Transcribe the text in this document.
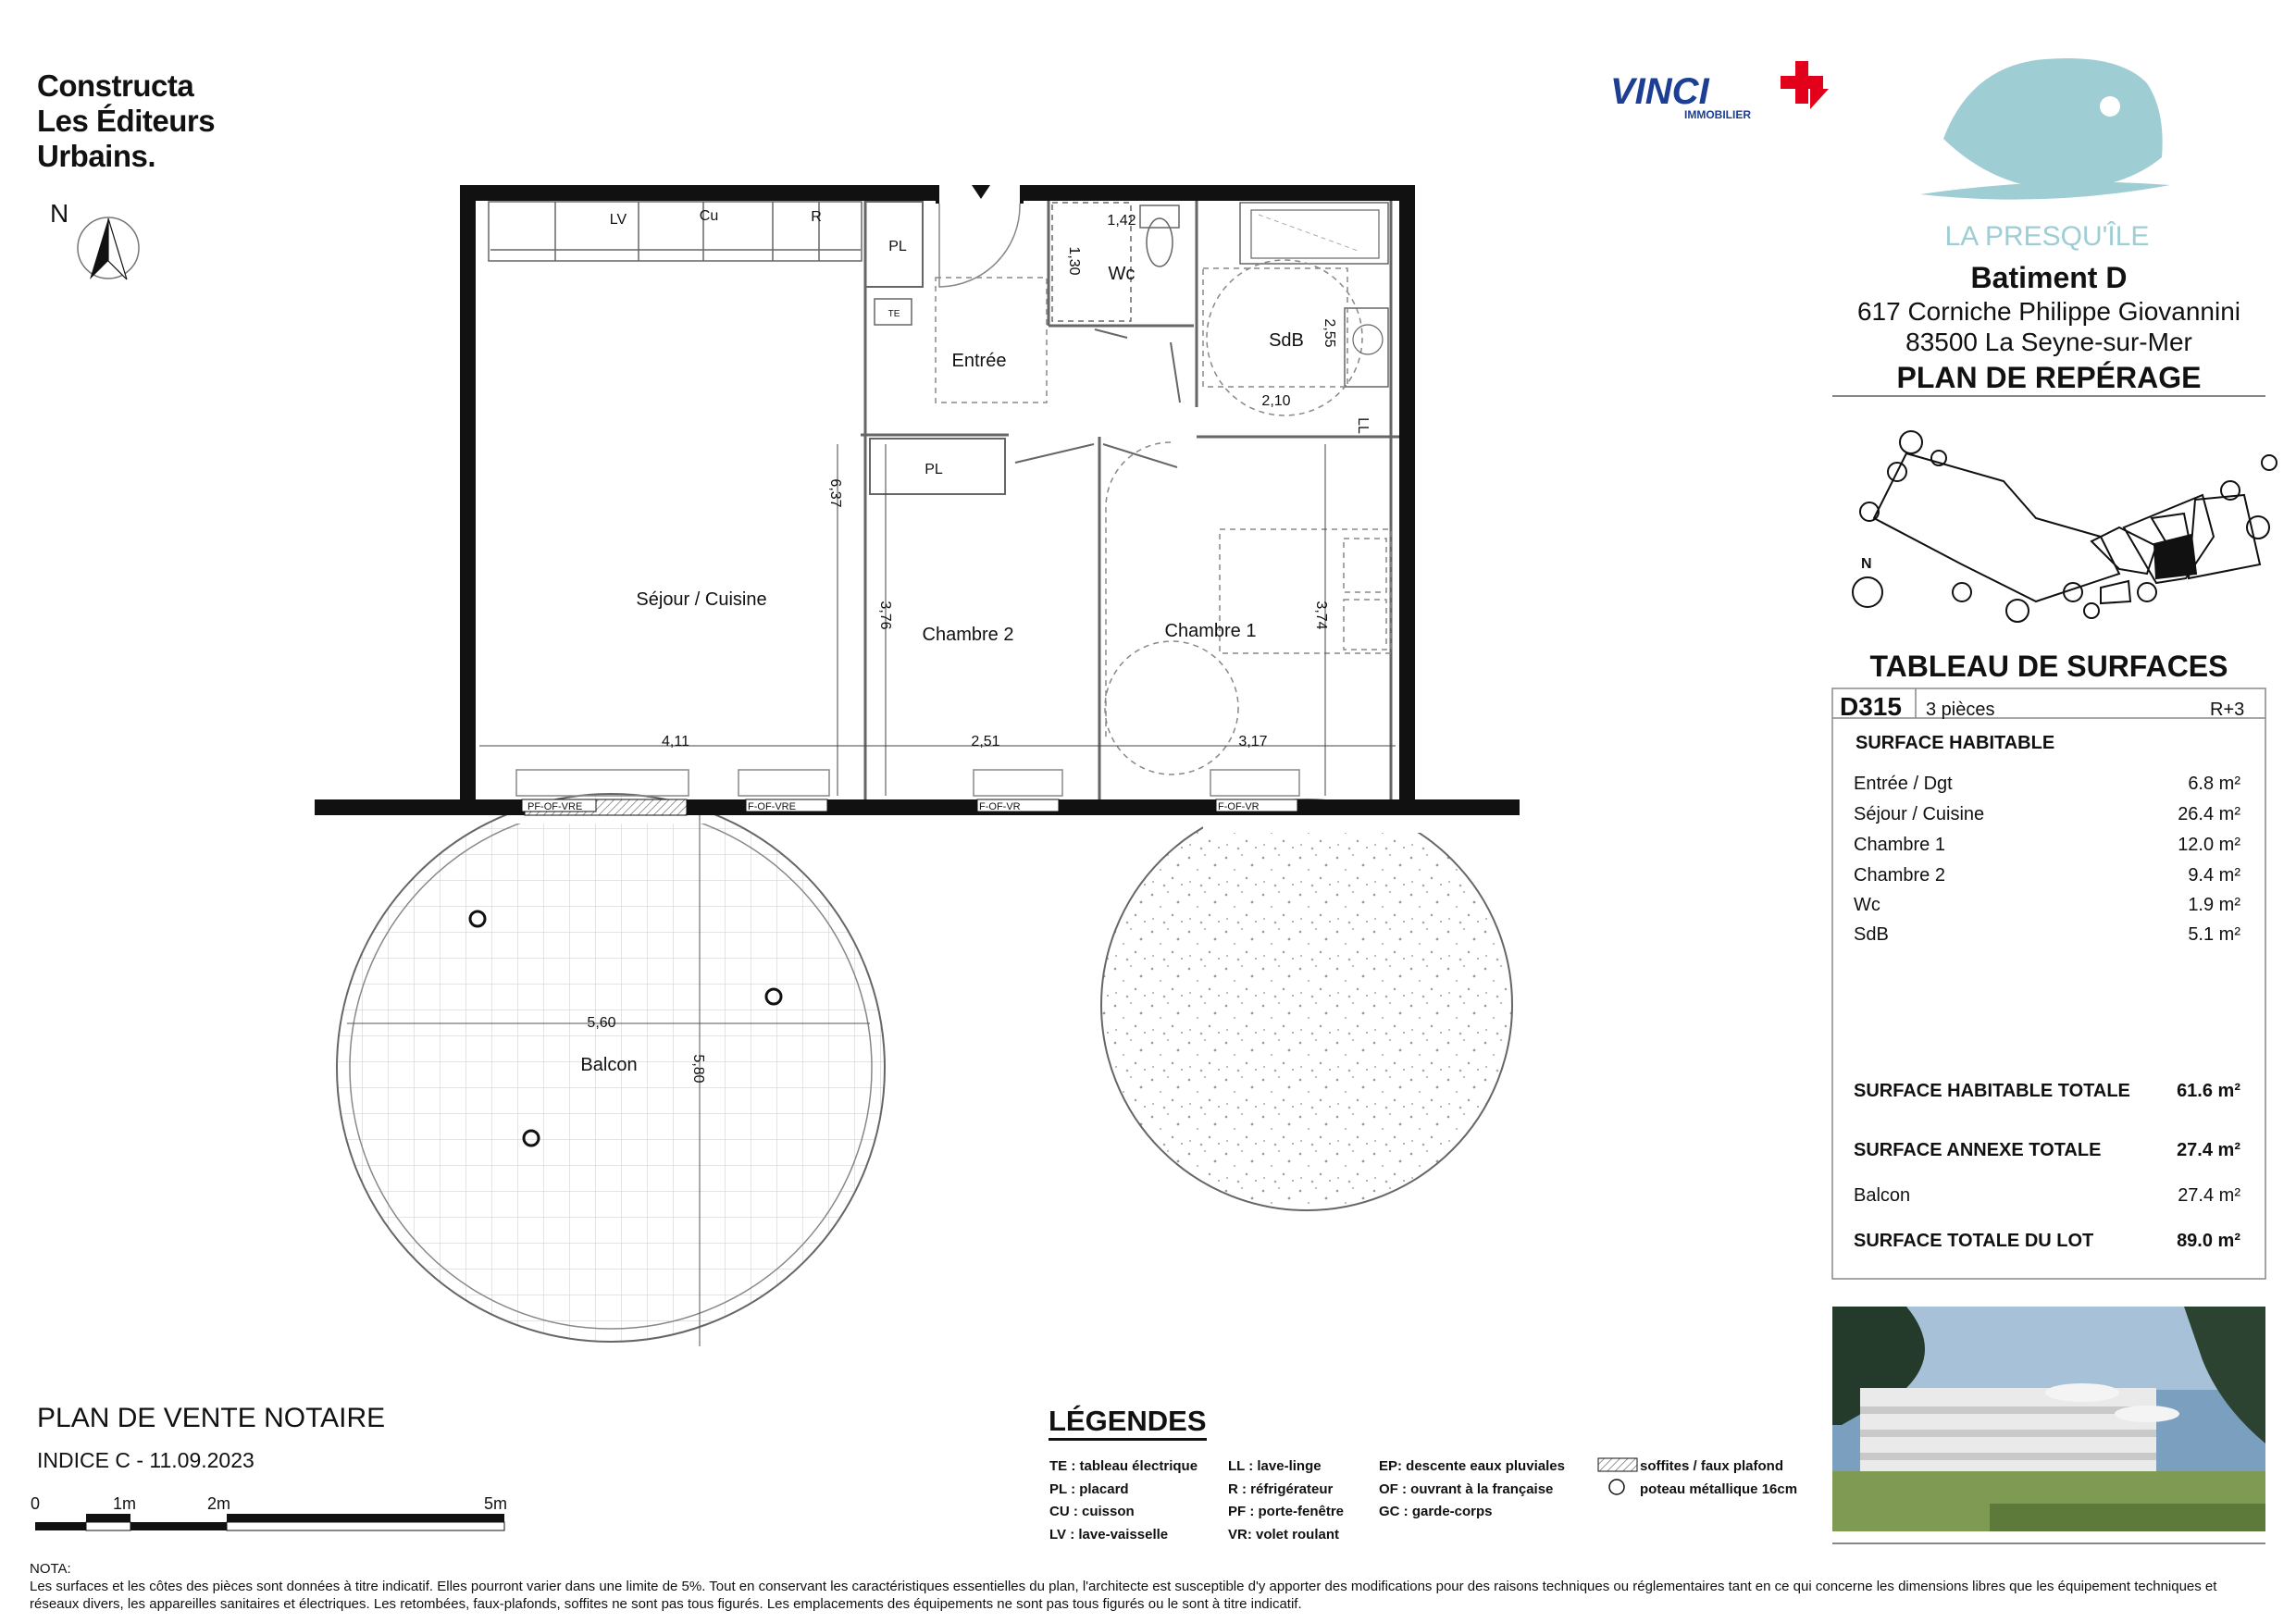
Séjour / Cuisine
Chambre 2	Chambre 1
Entrée
Wc
SdB
Balcon
LV	Cu	R
PL
PL
TE
LL
1,42
1,30
2,55
2,10
6,37
3,76	3,74
4,11	2,51	3,17
5,60
5,80
PF-OF-VRE	F-OF-VRE	F-OF-VR	F-OF-VR
N
VINCI
IMMOBILIER
LA PRESQU'ÎLE
N
0	1m	2m	5m
Constructa
Les Éditeurs
Urbains.
Batiment D
617 Corniche Philippe Giovannini
83500 La Seyne-sur-Mer
PLAN DE REPÉRAGE
TABLEAU DE SURFACES
D315 3 pièces	R+3
SURFACE HABITABLE
Entrée / Dgt	6.8 m²
Séjour / Cuisine	26.4 m²
Chambre 1	12.0 m²
Chambre 2	9.4 m²
Wc	1.9 m²
SdB	5.1 m²
SURFACE HABITABLE TOTALE	61.6 m²
SURFACE ANNEXE TOTALE	27.4 m²
Balcon	27.4 m²
SURFACE TOTALE DU LOT	89.0 m²
PLAN DE VENTE NOTAIRE
INDICE C - 11.09.2023
LÉGENDES
TE : tableau électrique
PL : placard
CU : cuisson
LV : lave-vaisselle
LL : lave-linge
R : réfrigérateur
PF : porte-fenêtre
VR: volet roulant
EP: descente eaux pluviales
OF : ouvrant à la française
GC : garde-corps
soffites / faux plafond
poteau métallique 16cm
NOTA:
Les surfaces et les côtes des pièces sont données à titre indicatif. Elles pourront varier dans une limite de 5%. Tout en conservant les caractéristiques essentielles du plan, l'architecte est susceptible d'y apporter des modifications pour des raisons techniques ou réglementaires tant en ce qui concerne les dimensions libres que les équipement techniques et réseaux divers, les appareilles sanitaires et électriques. Les retombées, faux-plafonds, soffites ne sont pas tous figurés. Les emplacements des équipements ne sont pas tous figurés ou le sont à titre indicatif.
